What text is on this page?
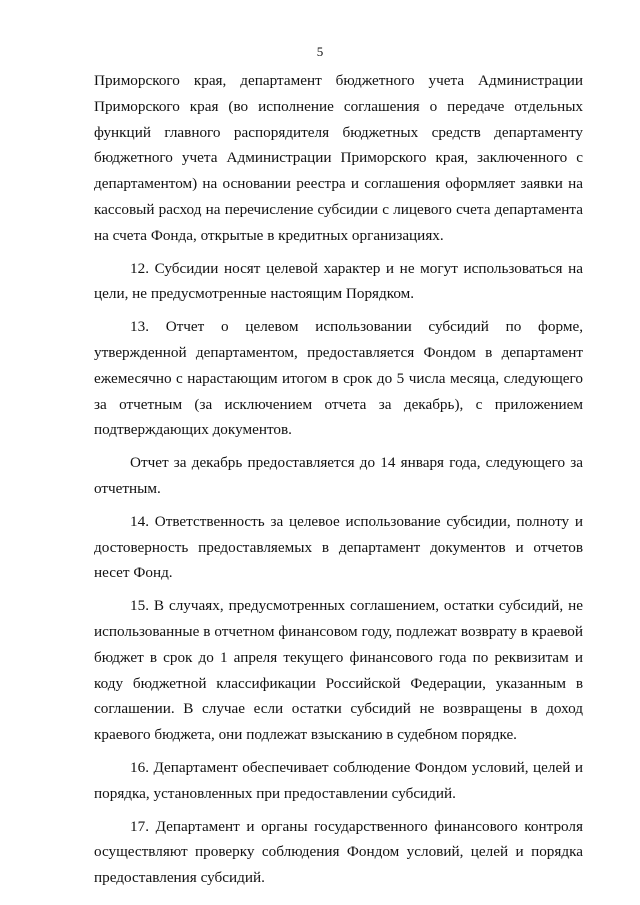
5

Приморского края, департамент бюджетного учета Администрации Приморского края (во исполнение соглашения о передаче отдельных функций главного распорядителя бюджетных средств департаменту бюджетного учета Администрации Приморского края, заключенного с департаментом) на основании реестра и соглашения оформляет заявки на кассовый расход на перечисление субсидии с лицевого счета департамента на счета Фонда, открытые в кредитных организациях.

12. Субсидии носят целевой характер и не могут использоваться на цели, не предусмотренные настоящим Порядком.

13. Отчет о целевом использовании субсидий по форме, утвержденной департаментом, предоставляется Фондом в департамент ежемесячно с нарастающим итогом в срок до 5 числа месяца, следующего за отчетным (за исключением отчета за декабрь), с приложением подтверждающих документов.

Отчет за декабрь предоставляется до 14 января года, следующего за отчетным.

14. Ответственность за целевое использование субсидии, полноту и достоверность предоставляемых в департамент документов и отчетов несет Фонд.

15. В случаях, предусмотренных соглашением, остатки субсидий, не использованные в отчетном финансовом году, подлежат возврату в краевой бюджет в срок до 1 апреля текущего финансового года по реквизитам и коду бюджетной классификации Российской Федерации, указанным в соглашении. В случае если остатки субсидий не возвращены в доход краевого бюджета, они подлежат взысканию в судебном порядке.

16. Департамент обеспечивает соблюдение Фондом условий, целей и порядка, установленных при предоставлении субсидий.

17. Департамент и органы государственного финансового контроля осуществляют проверку соблюдения Фондом условий, целей и порядка предоставления субсидий.
